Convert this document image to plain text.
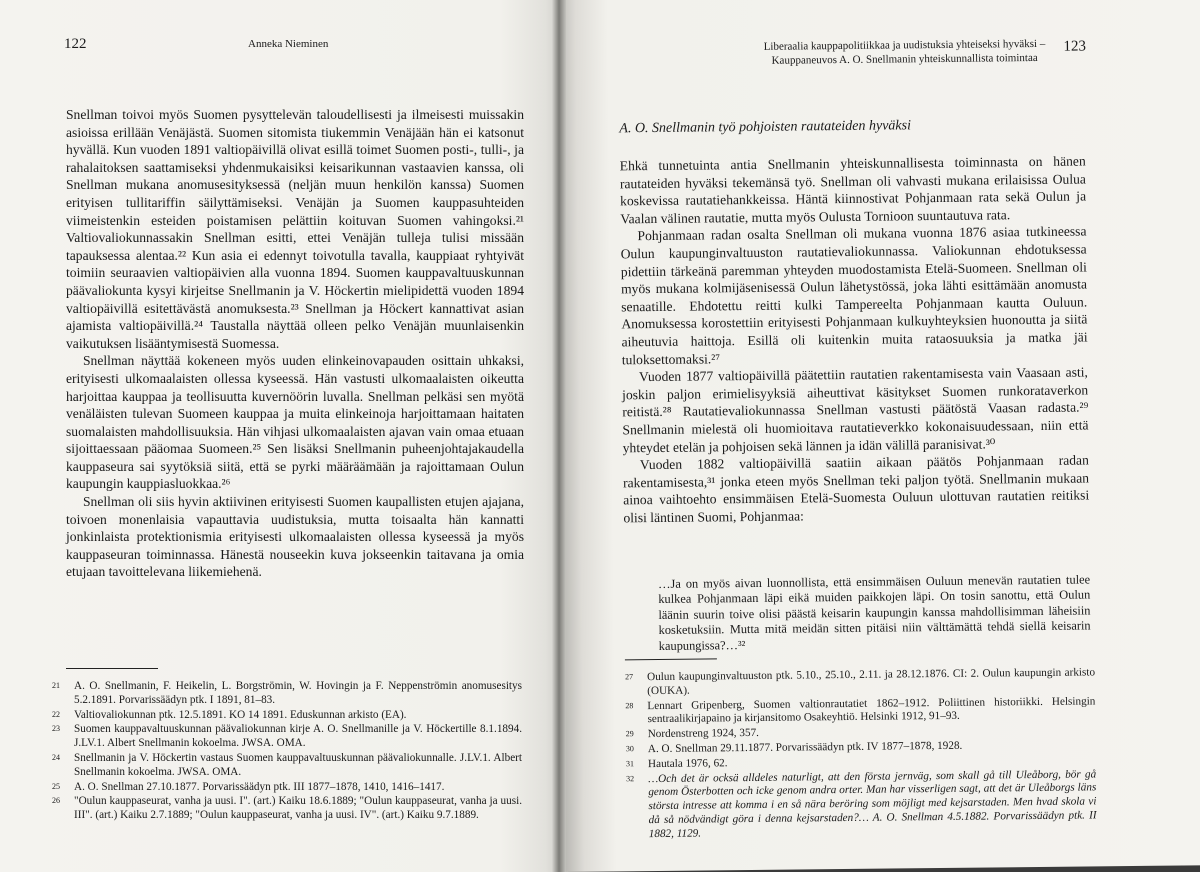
122	Anneka Nieminen

Snellman toivoi myös Suomen pysyttelevän taloudellisesti ja ilmeisesti muissakin asioissa erillään Venäjästä. Suomen sitomista tiukemmin Venäjään hän ei katsonut hyvällä. Kun vuoden 1891 valtiopäivillä olivat esillä toimet Suomen posti-, tulli-, ja rahalaitoksen saattamiseksi yhdenmukaisiksi keisarikunnan vastaavien kanssa, oli Snellman mukana anomusesityksessä (neljän muun henkilön kanssa) Suomen erityisen tullitariffin säilyttämiseksi. Venäjän ja Suomen kauppasuhteiden viimeistenkin esteiden poistamisen pelättiin koituvan Suomen vahingoksi.²¹ Valtiovaliokunnassakin Snellman esitti, ettei Venäjän tulleja tulisi missään tapauksessa alentaa.²² Kun asia ei edennyt toivotulla tavalla, kauppiaat ryhtyivät toimiin seuraavien valtiopäivien alla vuonna 1894. Suomen kauppavaltuuskunnan päävaliokunta kysyi kirjeitse Snellmanin ja V. Höckertin mielipidettä vuoden 1894 valtiopäivillä esitettävästä anomuksesta.²³ Snellman ja Höckert kannattivat asian ajamista valtiopäivillä.²⁴ Taustalla näyttää olleen pelko Venäjän muunlaisenkin vaikutuksen lisääntymisestä Suomessa.

Snellman näyttää kokeneen myös uuden elinkeinovapauden osittain uhkaksi, erityisesti ulkomaalaisten ollessa kyseessä. Hän vastusti ulkomaalaisten oikeutta harjoittaa kauppaa ja teollisuutta kuvernöörin luvalla. Snellman pelkäsi sen myötä venäläisten tulevan Suomeen kauppaa ja muita elinkeinoja harjoittamaan haitaten suomalaisten mahdollisuuksia. Hän vihjasi ulkomaalaisten ajavan vain omaa etuaan sijoittaessaan pääomaa Suomeen.²⁵ Sen lisäksi Snellmanin puheenjohtajakaudella kauppaseura sai syytöksiä siitä, että se pyrki määräämään ja rajoittamaan Oulun kaupungin kauppiasluokkaa.²⁶

Snellman oli siis hyvin aktiivinen erityisesti Suomen kaupallisten etujen ajajana, toivoen monenlaisia vapauttavia uudistuksia, mutta toisaalta hän kannatti jonkinlaista protektionismia erityisesti ulkomaalaisten ollessa kyseessä ja myös kauppaseuran toiminnassa. Hänestä nouseekin kuva jokseenkin taitavana ja omia etujaan tavoittelevana liikemiehenä.

21	A. O. Snellmanin, F. Heikelin, L. Borgströmin, W. Hovingin ja F. Neppenströmin anomusesitys 5.2.1891. Porvarissäädyn ptk. I 1891, 81–83.
22	Valtiovaliokunnan ptk. 12.5.1891. KO 14 1891. Eduskunnan arkisto (EA).
23	Suomen kauppavaltuuskunnan päävaliokunnan kirje A. O. Snellmanille ja V. Höckertille 8.1.1894. J.LV.1. Albert Snellmanin kokoelma. JWSA. OMA.
24	Snellmanin ja V. Höckertin vastaus Suomen kauppavaltuuskunnan päävaliokunnalle. J.LV.1. Albert Snellmanin kokoelma. JWSA. OMA.
25	A. O. Snellman 27.10.1877. Porvarissäädyn ptk. III 1877–1878, 1410, 1416–1417.
26	"Oulun kauppaseurat, vanha ja uusi. I". (art.) Kaiku 18.6.1889; "Oulun kauppaseurat, vanha ja uusi. III". (art.) Kaiku 2.7.1889; "Oulun kauppaseurat, vanha ja uusi. IV". (art.) Kaiku 9.7.1889.
Liberaalia kauppapolitiikkaa ja uudistuksia yhteiseksi hyväksi –
Kauppaneuvos A. O. Snellmanin yhteiskunnallista toimintaa
123
A. O. Snellmanin työ pohjoisten rautateiden hyväksi

Ehkä tunnetuinta antia Snellmanin yhteiskunnallisesta toiminnasta on hänen rautateiden hyväksi tekemänsä työ. Snellman oli vahvasti mukana erilaisissa Oulua koskevissa rautatiehankkeissa. Häntä kiinnostivat Pohjanmaan rata sekä Oulun ja Vaalan välinen rautatie, mutta myös Oulusta Tornioon suuntautuva rata.

Pohjanmaan radan osalta Snellman oli mukana vuonna 1876 asiaa tutkineessa Oulun kaupunginvaltuuston rautatievaliokunnassa. Valiokunnan ehdotuksessa pidettiin tärkeänä paremman yhteyden muodostamista Etelä-Suomeen. Snellman oli myös mukana kolmijäsenisessä Oulun lähetystössä, joka lähti esittämään anomusta senaatille. Ehdotettu reitti kulki Tampereelta Pohjanmaan kautta Ouluun. Anomuksessa korostettiin erityisesti Pohjanmaan kulkuyhteyksien huonoutta ja siitä aiheutuvia haittoja. Esillä oli kuitenkin muita rataosuuksia ja matka jäi tuloksettomaksi.²⁷

Vuoden 1877 valtiopäivillä päätettiin rautatien rakentamisesta vain Vaasaan asti, joskin paljon erimielisyyksiä aiheuttivat käsitykset Suomen runkorataverkon reitistä.²⁸ Rautatievaliokunnassa Snellman vastusti päätöstä Vaasan radasta.²⁹ Snellmanin mielestä oli huomioitava rautatieverkko kokonaisuudessaan, niin että yhteydet etelän ja pohjoisen sekä lännen ja idän välillä paranisivat.³⁰

Vuoden 1882 valtiopäivillä saatiin aikaan päätös Pohjanmaan radan rakentamisesta,³¹ jonka eteen myös Snellman teki paljon työtä. Snellmanin mukaan ainoa vaihtoehto ensimmäisen Etelä-Suomesta Ouluun ulottuvan rautatien reitiksi olisi läntinen Suomi, Pohjanmaa:

…Ja on myös aivan luonnollista, että ensimmäisen Ouluun menevän rautatien tulee kulkea Pohjanmaan läpi eikä muiden paikkojen läpi. On tosin sanottu, että Oulun läänin suurin toive olisi päästä keisarin kaupungin kanssa mahdollisimman läheisiin kosketuksiin. Mutta mitä meidän sitten pitäisi niin välttämättä tehdä siellä keisarin kaupungissa?…³²
27	Oulun kaupunginvaltuuston ptk. 5.10., 25.10., 2.11. ja 28.12.1876. CI: 2. Oulun kaupungin arkisto (OUKA).
28	Lennart Gripenberg, Suomen valtionrautatiet 1862–1912. Poliittinen historiikki. Helsingin sentraalikirjapaino ja kirjansitomo Osakeyhtiö. Helsinki 1912, 91–93.
29	Nordenstreng 1924, 357.
30	A. O. Snellman 29.11.1877. Porvarissäädyn ptk. IV 1877–1878, 1928.
31	Hautala 1976, 62.
32	…Och det är ocksä alldeles naturligt, att den första jernväg, som skall gå till Uleåborg, bör gå genom Österbotten och icke genom andra orter. Man har visserligen sagt, att det är Uleåborgs läns största intresse att komma i en så nära beröring som möjligt med kejsarstaden. Men hvad skola vi då så nödvändigt göra i denna kejsarstaden?… A. O. Snellman 4.5.1882. Porvarissäädyn ptk. II 1882, 1129.
